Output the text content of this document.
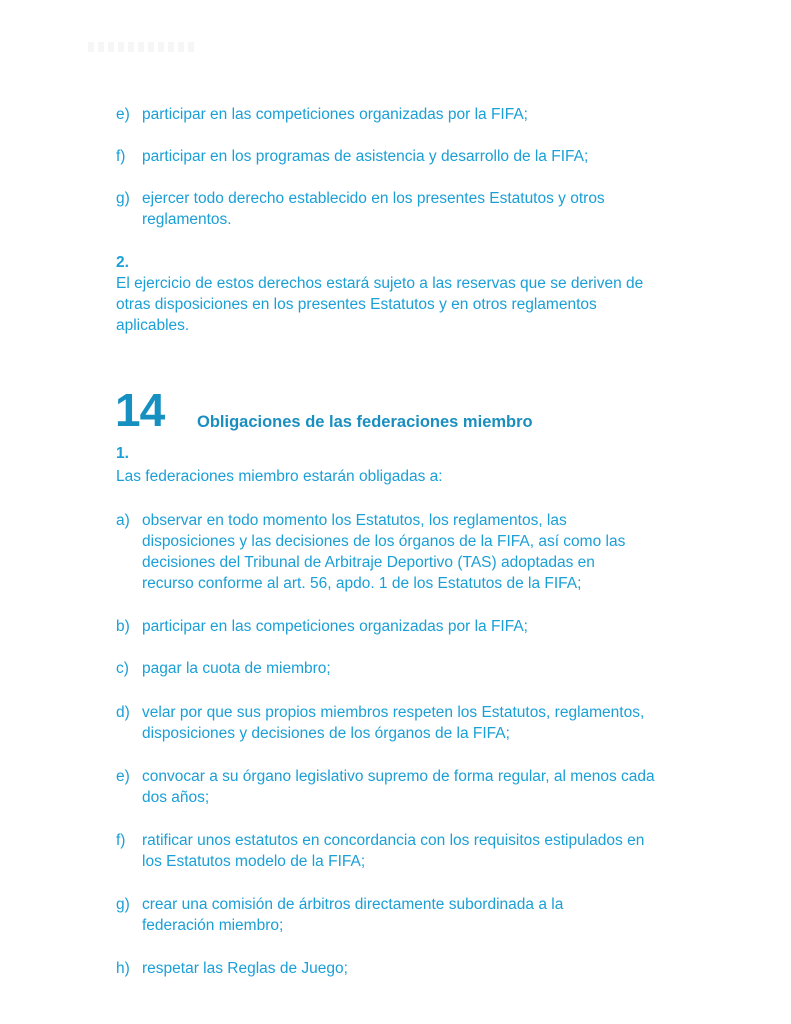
e) participar en las competiciones organizadas por la FIFA;
f)	participar en los programas de asistencia y desarrollo de la FIFA;
g) ejercer todo derecho establecido en los presentes Estatutos y otros reglamentos.
2.
El ejercicio de estos derechos estará sujeto a las reservas que se deriven de otras disposiciones en los presentes Estatutos y en otros reglamentos aplicables.
14 Obligaciones de las federaciones miembro
1.
Las federaciones miembro estarán obligadas a:
a) observar en todo momento los Estatutos, los reglamentos, las disposiciones y las decisiones de los órganos de la FIFA, así como las decisiones del Tribunal de Arbitraje Deportivo (TAS) adoptadas en recurso conforme al art. 56, apdo. 1 de los Estatutos de la FIFA;
b) participar en las competiciones organizadas por la FIFA;
c) pagar la cuota de miembro;
d) velar por que sus propios miembros respeten los Estatutos, reglamentos, disposiciones y decisiones de los órganos de la FIFA;
e) convocar a su órgano legislativo supremo de forma regular, al menos cada dos años;
f)	ratificar unos estatutos en concordancia con los requisitos estipulados en los Estatutos modelo de la FIFA;
g) crear una comisión de árbitros directamente subordinada a la federación miembro;
h) respetar las Reglas de Juego;
